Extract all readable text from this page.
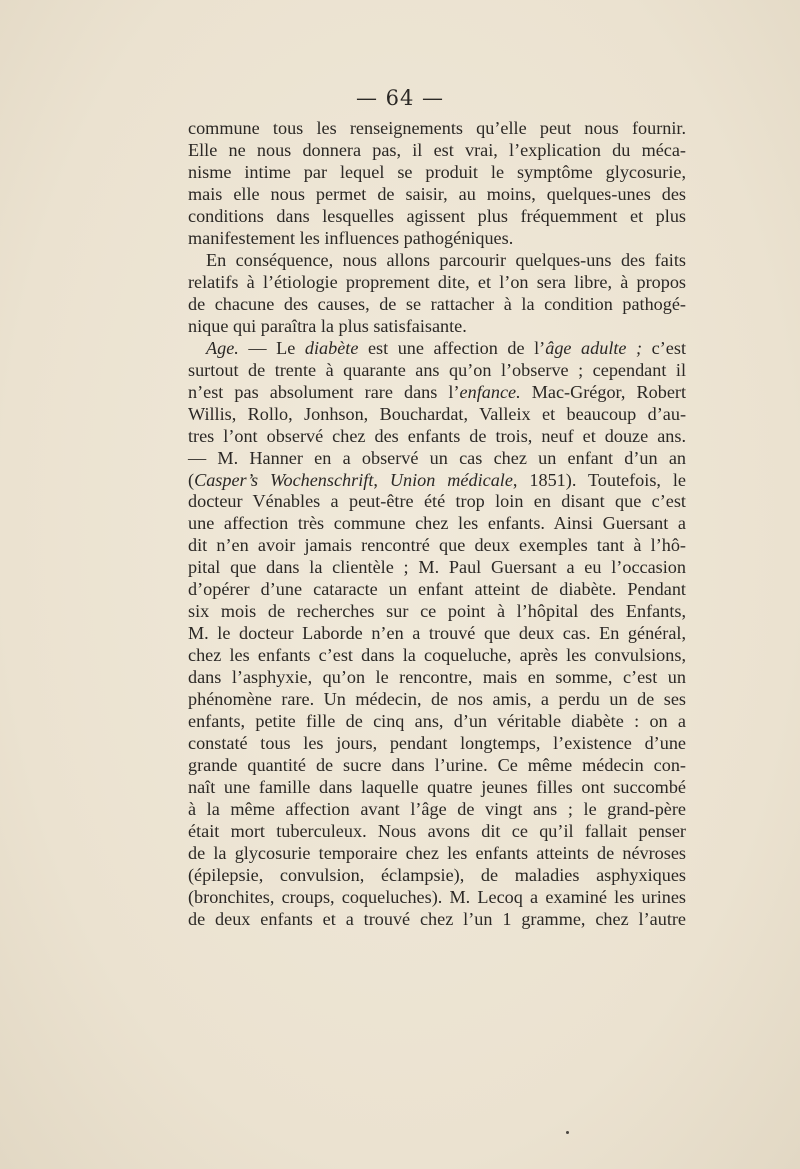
— 64 —
commune tous les renseignements qu’elle peut nous fournir.
Elle ne nous donnera pas, il est vrai, l’explication du méca-
nisme intime par lequel se produit le symptôme glycosurie,
mais elle nous permet de saisir, au moins, quelques-unes des
conditions dans lesquelles agissent plus fréquemment et plus
manifestement les influences pathogéniques.
En conséquence, nous allons parcourir quelques-uns des faits
relatifs à l’étiologie proprement dite, et l’on sera libre, à propos
de chacune des causes, de se rattacher à la condition pathogé-
nique qui paraîtra la plus satisfaisante.
Age. — Le diabète est une affection de l’âge adulte ; c’est
surtout de trente à quarante ans qu’on l’observe ; cependant il
n’est pas absolument rare dans l’enfance. Mac-Grégor, Robert
Willis, Rollo, Jonhson, Bouchardat, Valleix et beaucoup d’au-
tres l’ont observé chez des enfants de trois, neuf et douze ans.
— M. Hanner en a observé un cas chez un enfant d’un an
(Casper’s Wochenschrift, Union médicale, 1851). Toutefois, le
docteur Vénables a peut-être été trop loin en disant que c’est
une affection très commune chez les enfants. Ainsi Guersant a
dit n’en avoir jamais rencontré que deux exemples tant à l’hô-
pital que dans la clientèle ; M. Paul Guersant a eu l’occasion
d’opérer d’une cataracte un enfant atteint de diabète. Pendant
six mois de recherches sur ce point à l’hôpital des Enfants,
M. le docteur Laborde n’en a trouvé que deux cas. En général,
chez les enfants c’est dans la coqueluche, après les convulsions,
dans l’asphyxie, qu’on le rencontre, mais en somme, c’est un
phénomène rare. Un médecin, de nos amis, a perdu un de ses
enfants, petite fille de cinq ans, d’un véritable diabète : on a
constaté tous les jours, pendant longtemps, l’existence d’une
grande quantité de sucre dans l’urine. Ce même médecin con-
naît une famille dans laquelle quatre jeunes filles ont succombé
à la même affection avant l’âge de vingt ans ; le grand-père
était mort tuberculeux. Nous avons dit ce qu’il fallait penser
de la glycosurie temporaire chez les enfants atteints de névroses
(épilepsie, convulsion, éclampsie), de maladies asphyxiques
(bronchites, croups, coqueluches). M. Lecoq a examiné les urines
de deux enfants et a trouvé chez l’un 1 gramme, chez l’autre
